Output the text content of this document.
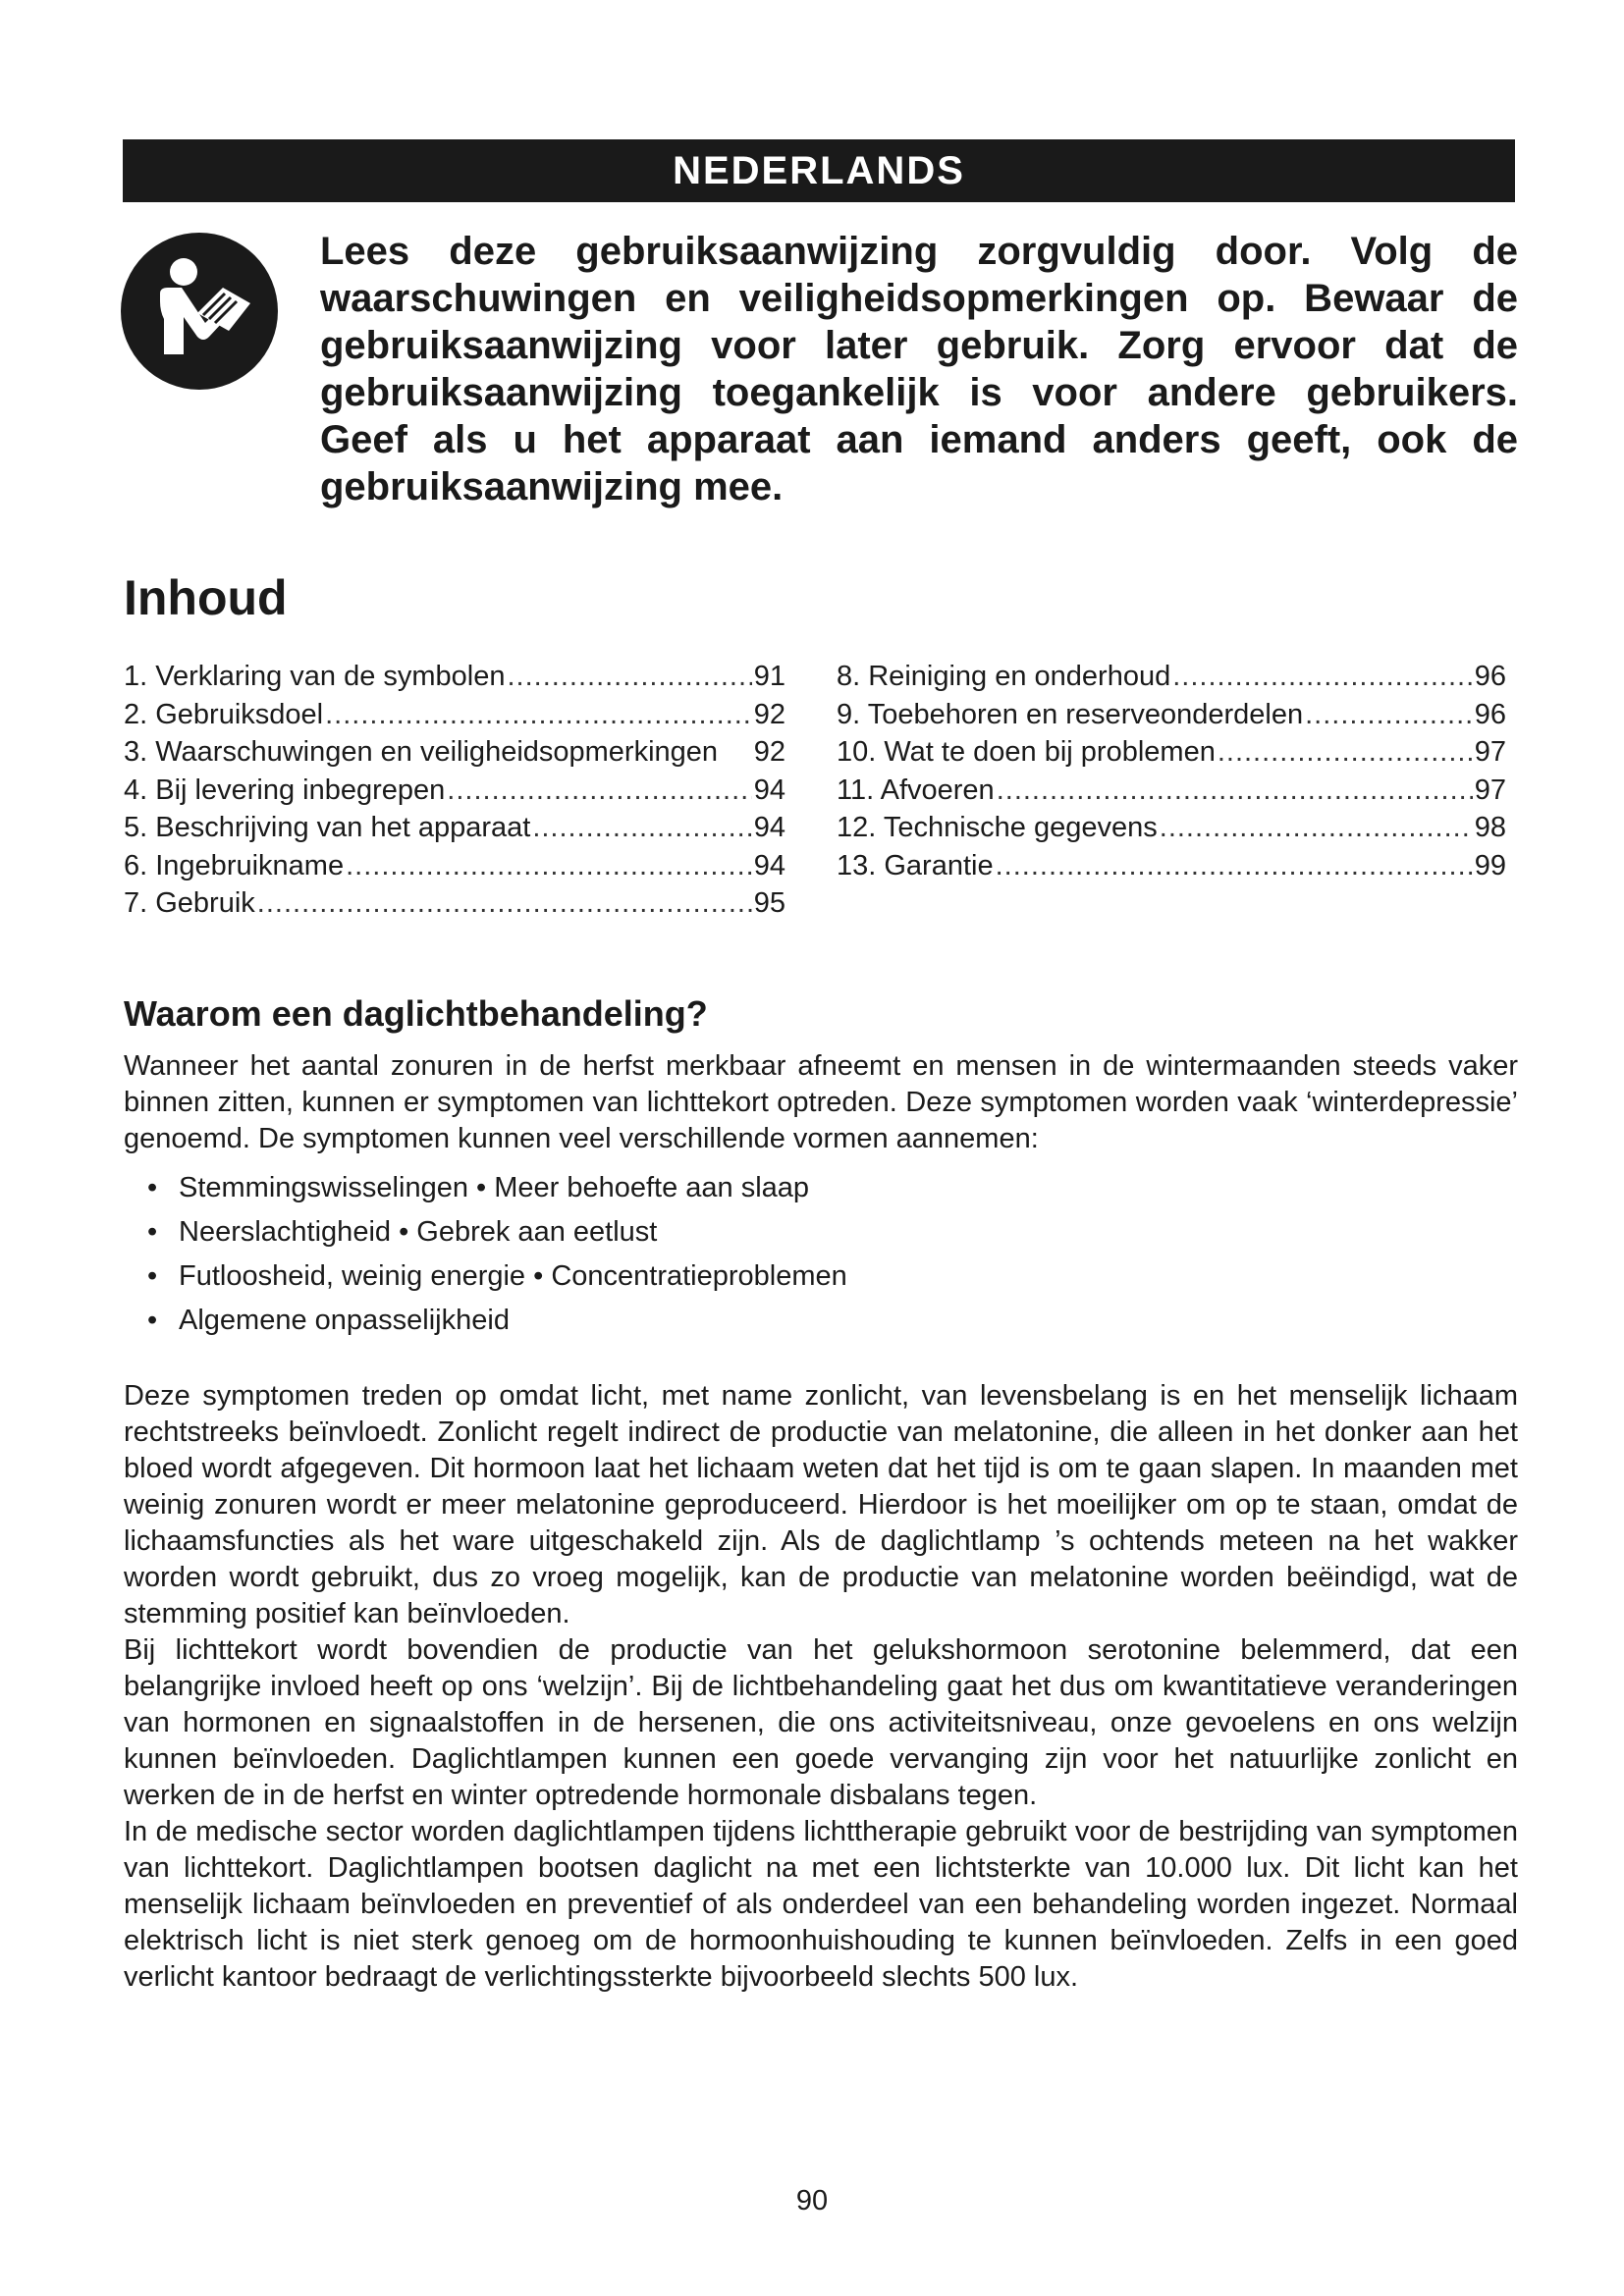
NEDERLANDS
Lees deze gebruiksaanwijzing zorgvuldig door. Volg de waarschuwingen en veiligheidsopmerkingen op. Bewaar de gebruiksaanwijzing voor later gebruik. Zorg ervoor dat de gebruiksaanwijzing toegankelijk is voor andere gebruikers. Geef als u het apparaat aan iemand anders geeft, ook de gebruiksaanwijzing mee.
Inhoud
1. Verklaring van de symbolen .....	91
2. Gebruiksdoel .....	92
3. Waarschuwingen en veiligheidsopmerkingen 92
4. Bij levering inbegrepen .....	94
5. Beschrijving van het apparaat .....	94
6. Ingebruikname .....	94
7. Gebruik .....	95
8. Reiniging en onderhoud .....	96
9. Toebehoren en reserveonderdelen .....	96
10. Wat te doen bij problemen .....	97
11. Afvoeren .....	97
12. Technische gegevens .....	98
13. Garantie .....	99
Waarom een daglichtbehandeling?

Wanneer het aantal zonuren in de herfst merkbaar afneemt en mensen in de wintermaanden steeds vaker binnen zitten, kunnen er symptomen van lichttekort optreden. Deze symptomen worden vaak ‘winterdepressie’ genoemd. De symptomen kunnen veel verschillende vormen aannemen:

• Stemmingswisselingen • Meer behoefte aan slaap
• Neerslachtigheid • Gebrek aan eetlust
• Futloosheid, weinig energie • Concentratieproblemen
• Algemene onpasselijkheid

Deze symptomen treden op omdat licht, met name zonlicht, van levensbelang is en het menselijk lichaam rechtstreeks beïnvloedt. Zonlicht regelt indirect de productie van melatonine, die alleen in het donker aan het bloed wordt afgegeven. Dit hormoon laat het lichaam weten dat het tijd is om te gaan slapen. In maanden met weinig zonuren wordt er meer melatonine geproduceerd. Hierdoor is het moeilijker om op te staan, omdat de lichaamsfuncties als het ware uitgeschakeld zijn. Als de daglichtlamp ’s ochtends meteen na het wakker worden wordt gebruikt, dus zo vroeg mogelijk, kan de productie van melatonine worden beëindigd, wat de stemming positief kan beïnvloeden.

Bij lichttekort wordt bovendien de productie van het gelukshormoon serotonine belemmerd, dat een belangrijke invloed heeft op ons ‘welzijn’. Bij de lichtbehandeling gaat het dus om kwantitatieve veranderingen van hormonen en signaalstoffen in de hersenen, die ons activiteitsniveau, onze gevoelens en ons welzijn kunnen beïnvloeden. Daglichtlampen kunnen een goede vervanging zijn voor het natuurlijke zonlicht en werken de in de herfst en winter optredende hormonale disbalans tegen.

In de medische sector worden daglichtlampen tijdens lichttherapie gebruikt voor de bestrijding van symptomen van lichttekort. Daglichtlampen bootsen daglicht na met een lichtsterkte van 10.000 lux. Dit licht kan het menselijk lichaam beïnvloeden en preventief of als onderdeel van een behandeling worden ingezet. Normaal elektrisch licht is niet sterk genoeg om de hormoonhuishouding te kunnen beïnvloeden. Zelfs in een goed verlicht kantoor bedraagt de verlichtingssterkte bijvoorbeeld slechts 500 lux.

90
